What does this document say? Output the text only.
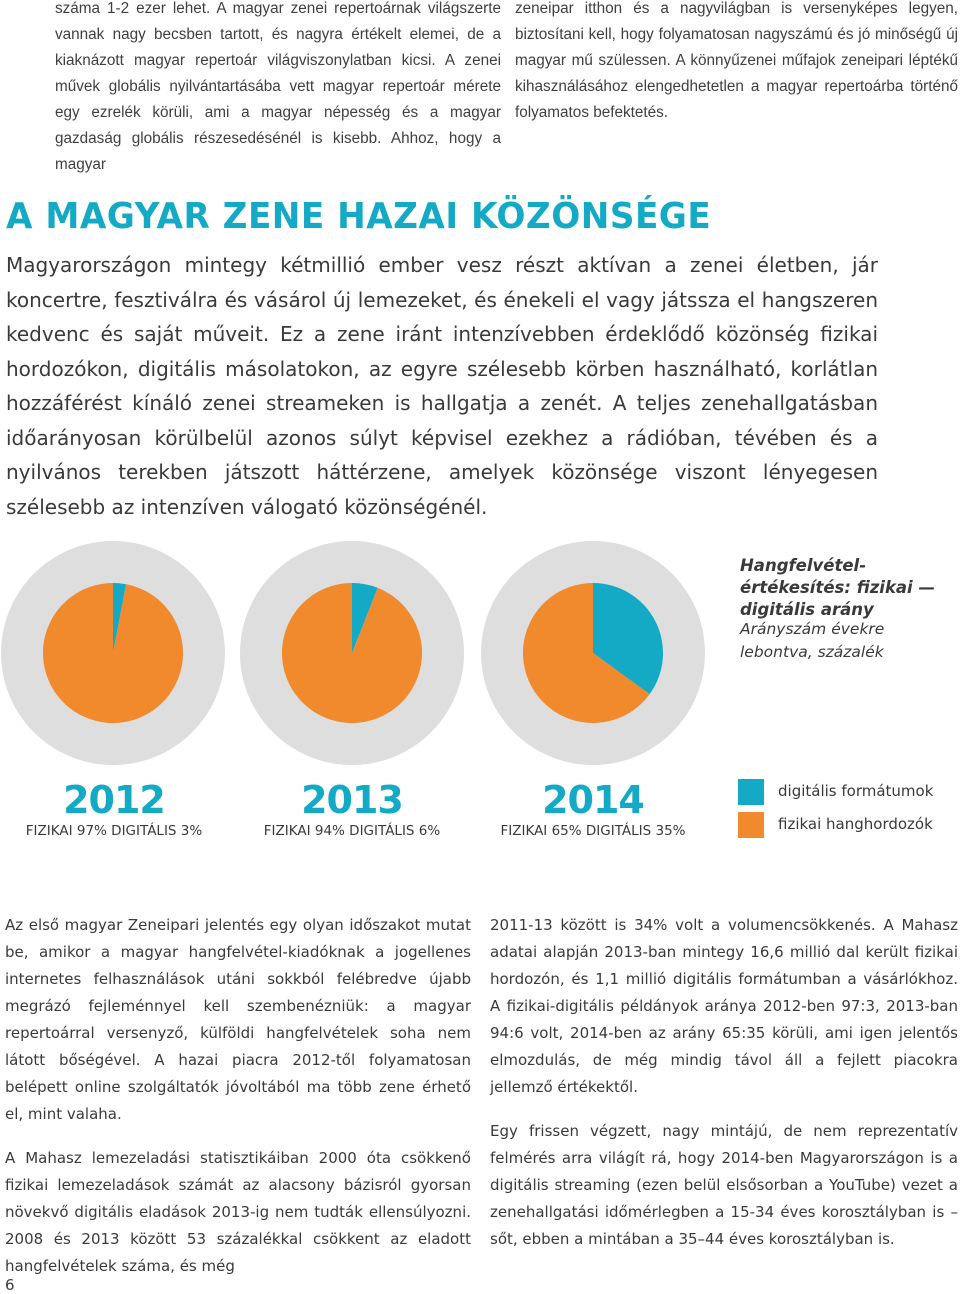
száma 1-2 ezer lehet. A magyar zenei repertoárnak világszerte vannak nagy becsben tartott, és nagyra értékelt elemei, de a kiaknázott magyar repertoár világviszonylatban kicsi. A zenei művek globális nyilvántartásába vett magyar repertoár mérete egy ezrelék körüli, ami a magyar népesség és a magyar gazdaság globális részesedésénél is kisebb. Ahhoz, hogy a magyar

zeneipar itthon és a nagyvilágban is versenyképes legyen, biztosítani kell, hogy folyamatosan nagyszámú és jó minőségű új magyar mű szülessen. A könnyűzenei műfajok zeneipari léptékű kihasználásához elengedhetetlen a magyar repertoárba történő folyamatos befektetés.

A MAGYAR ZENE HAZAI KÖZÖNSÉGE

Magyarországon mintegy kétmillió ember vesz részt aktívan a zenei életben, jár koncertre, fesztiválra és vásárol új lemezeket, és énekeli el vagy játssza el hangszeren kedvenc és saját műveit. Ez a zene iránt intenzívebben érdeklődő közönség fizikai hordozókon, digitális másolatokon, az egyre szélesebb körben használható, korlátlan hozzáférést kínáló zenei streameken is hallgatja a zenét. A teljes zenehallgatásban időarányosan körülbelül azonos súlyt képvisel ezekhez a rádióban, tévében és a nyilvános terekben játszott háttérzene, amelyek közönsége viszont lényegesen szélesebb az intenzíven válogató közönségénél.

2012
FIZIKAI 97% DIGITÁLIS 3%
2013
FIZIKAI 94% DIGITÁLIS 6%
2014
FIZIKAI 65% DIGITÁLIS 35%
Hangfelvétel-értékesítés: fizikai — digitális arány

Arányszám évekre lebontva, százalék

digitális formátumok
fizikai hanghordozók

Az első magyar Zeneipari jelentés egy olyan időszakot mutat be, amikor a magyar hangfelvétel-kiadóknak a jogellenes internetes felhasználások utáni sokkból felébredve újabb megrázó fejleménnyel kell szembenézniük: a magyar repertoárral versenyző, külföldi hangfelvételek soha nem látott bőségével. A hazai piacra 2012-től folyamatosan belépett online szolgáltatók jóvoltából ma több zene érhető el, mint valaha.

A Mahasz lemezeladási statisztikáiban 2000 óta csökkenő fizikai lemezeladások számát az alacsony bázisról gyorsan növekvő digitális eladások 2013-ig nem tudták ellensúlyozni. 2008 és 2013 között 53 százalékkal csökkent az eladott hangfelvételek száma, és még

2011-13 között is 34% volt a volumencsökkenés. A Mahasz adatai alapján 2013-ban mintegy 16,6 millió dal került fizikai hordozón, és 1,1 millió digitális formátumban a vásárlókhoz. A fizikai-digitális példányok aránya 2012-ben 97:3, 2013-ban 94:6 volt, 2014-ben az arány 65:35 körüli, ami igen jelentős elmozdulás, de még mindig távol áll a fejlett piacokra jellemző értékektől.

Egy frissen végzett, nagy mintájú, de nem reprezentatív felmérés arra világít rá, hogy 2014-ben Magyarországon is a digitális streaming (ezen belül elsősorban a YouTube) vezet a zenehallgatási időmérlegben a 15-34 éves korosztályban is – sőt, ebben a mintában a 35–44 éves korosztályban is.

6
